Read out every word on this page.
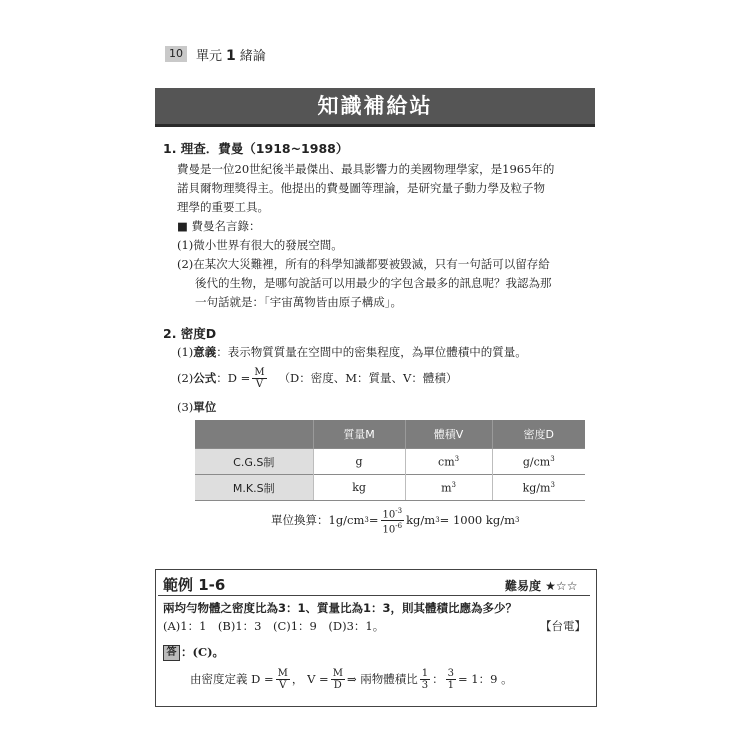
10	單元 1 緒論
知識補給站
1. 理查．費曼（1918~1988）
費曼是一位20世紀後半最傑出、最具影響力的美國物理學家，是1965年的
諾貝爾物理獎得主。他提出的費曼圖等理論，是研究量子動力學及粒子物
理學的重要工具。
■ 費曼名言錄：
(1)微小世界有很大的發展空間。
(2)在某次大災難裡，所有的科學知識都要被毀滅，只有一句話可以留存給
後代的生物，是哪句說話可以用最少的字包含最多的訊息呢？我認為那
一句話就是：「宇宙萬物皆由原子構成」。
2. 密度D
(1)意義：表示物質質量在空間中的密集程度，為單位體積中的質量。
(2) 公式 ：$D = \frac{M}{V} (D$：密度、M：質量、V：體積）
(3)單位
	質量M	體積V	密度D
C.G.S制	g	$cm^3$	$g/cm^3$
M.K.S制	kg	$m^3$	$kg/m^3$
單位換算：1g/cm $3 = \frac{10^{-3}}{10^{-6}} kg/m$ 3 = 1000 kg/m 3
範例 1-6	難易度 ★☆☆
兩均勻物體之密度比為3：1、質量比為1：3，則其體積比應為多少？
(A)1：1　(B)1：3　(C)1：9　(D)3：1。	【台電】
答 ：(C)。
由密度定義 $D = \frac{M}{V}$ ， $V = \frac{M}{D}$ ⇒ 兩物體積比 $\frac{1}{3}$ ： $\frac{3}{1} = 1$：9 。
